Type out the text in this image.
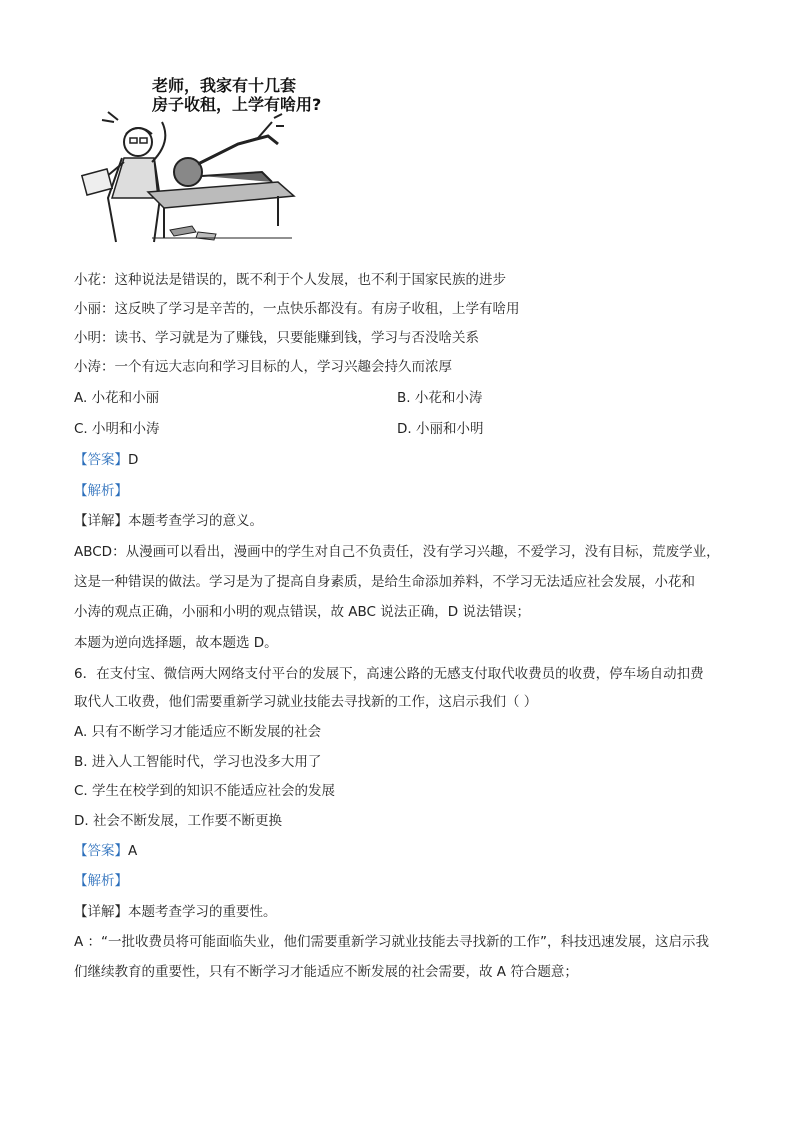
老师，我家有十几套
房子收租，上学有啥用?
小花：这种说法是错误的，既不利于个人发展，也不利于国家民族的进步
小丽：这反映了学习是辛苦的，一点快乐都没有。有房子收租，上学有啥用
小明：读书、学习就是为了赚钱，只要能赚到钱，学习与否没啥关系
小涛：一个有远大志向和学习目标的人，学习兴趣会持久而浓厚
A. 小花和小丽	B. 小花和小涛
C. 小明和小涛	D. 小丽和小明
【答案】D
【解析】
【详解】本题考查学习的意义。
ABCD：从漫画可以看出，漫画中的学生对自己不负责任，没有学习兴趣，不爱学习，没有目标，荒废学业，
这是一种错误的做法。学习是为了提高自身素质，是给生命添加养料，不学习无法适应社会发展，小花和
小涛的观点正确，小丽和小明的观点错误，故 ABC 说法正确，D 说法错误；
本题为逆向选择题，故本题选 D。
6．在支付宝、微信两大网络支付平台的发展下，高速公路的无感支付取代收费员的收费，停车场自动扣费
取代人工收费，他们需要重新学习就业技能去寻找新的工作，这启示我们（ ）
A. 只有不断学习才能适应不断发展的社会
B. 进入人工智能时代，学习也没多大用了
C. 学生在校学到的知识不能适应社会的发展
D. 社会不断发展，工作要不断更换
【答案】A
【解析】
【详解】本题考查学习的重要性。
A ：“一批收费员将可能面临失业，他们需要重新学习就业技能去寻找新的工作”，科技迅速发展，这启示我
们继续教育的重要性，只有不断学习才能适应不断发展的社会需要，故 A 符合题意；
